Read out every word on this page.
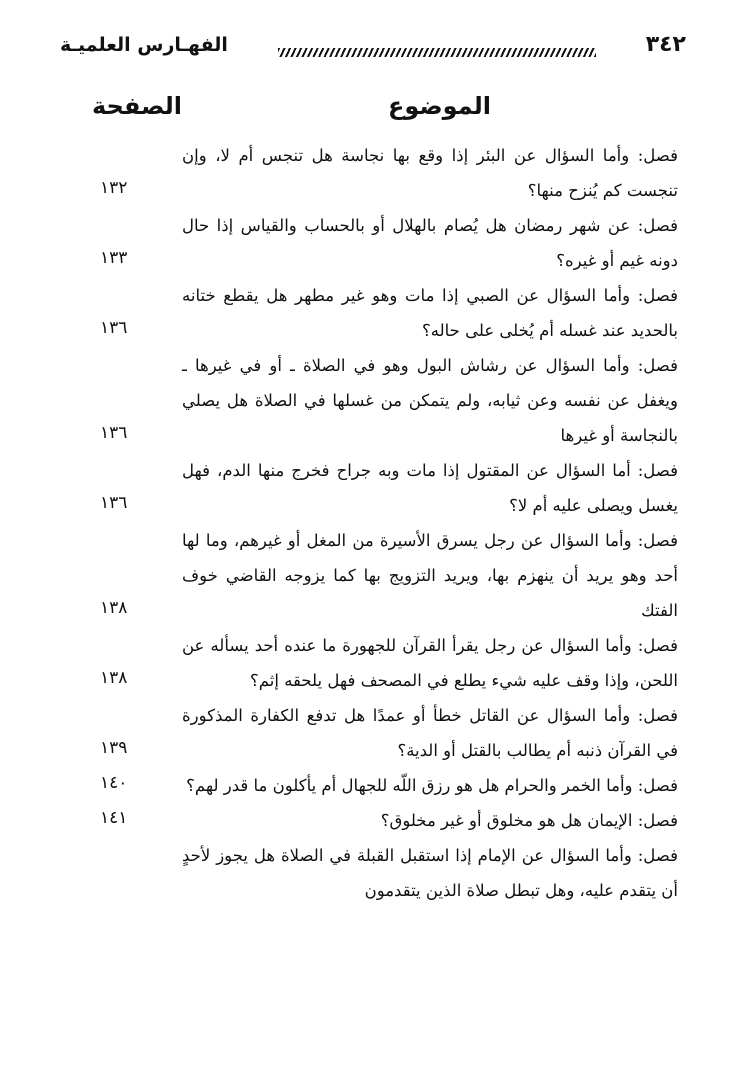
الفهـارس العلميـة	٣٤٢
الموضوع
الصفحة
فصل: وأما السؤال عن البئر إذا وقع بها نجاسة هل تنجس أم لا، وإن تنجست كم يُنزح منها؟
١٣٢
فصل: عن شهر رمضان هل يُصام بالهلال أو بالحساب والقياس إذا حال دونه غيم أو غيره؟
١٣٣
فصل: وأما السؤال عن الصبي إذا مات وهو غير مطهر هل يقطع ختانه بالحديد عند غسله أم يُخلى على حاله؟
١٣٦
فصل: وأما السؤال عن رشاش البول وهو في الصلاة ـ أو في غيرها ـ ويغفل عن نفسه وعن ثيابه، ولم يتمكن من غسلها في الصلاة هل يصلي بالنجاسة أو غيرها
١٣٦
فصل: أما السؤال عن المقتول إذا مات وبه جراح فخرج منها الدم، فهل يغسل ويصلى عليه أم لا؟
١٣٦
فصل: وأما السؤال عن رجل يسرق الأسيرة من المغل أو غيرهم، وما لها أحد وهو يريد أن ينهزم بها، ويريد التزويج بها كما يزوجه القاضي خوف الفتك
١٣٨
فصل: وأما السؤال عن رجل يقرأ القرآن للجهورة ما عنده أحد يسأله عن اللحن، وإذا وقف عليه شيء يطلع في المصحف فهل يلحقه إثم؟
١٣٨
فصل: وأما السؤال عن القاتل خطأ أو عمدًا هل تدفع الكفارة المذكورة في القرآن ذنبه أم يطالب بالقتل أو الدية؟
١٣٩
فصل: وأما الخمر والحرام هل هو رزق اللّه للجهال أم يأكلون ما قدر لهم؟
١٤٠
فصل: الإيمان هل هو مخلوق أو غير مخلوق؟
١٤١
فصل: وأما السؤال عن الإمام إذا استقبل القبلة في الصلاة هل يجوز لأحدٍ أن يتقدم عليه، وهل تبطل صلاة الذين يتقدمون
